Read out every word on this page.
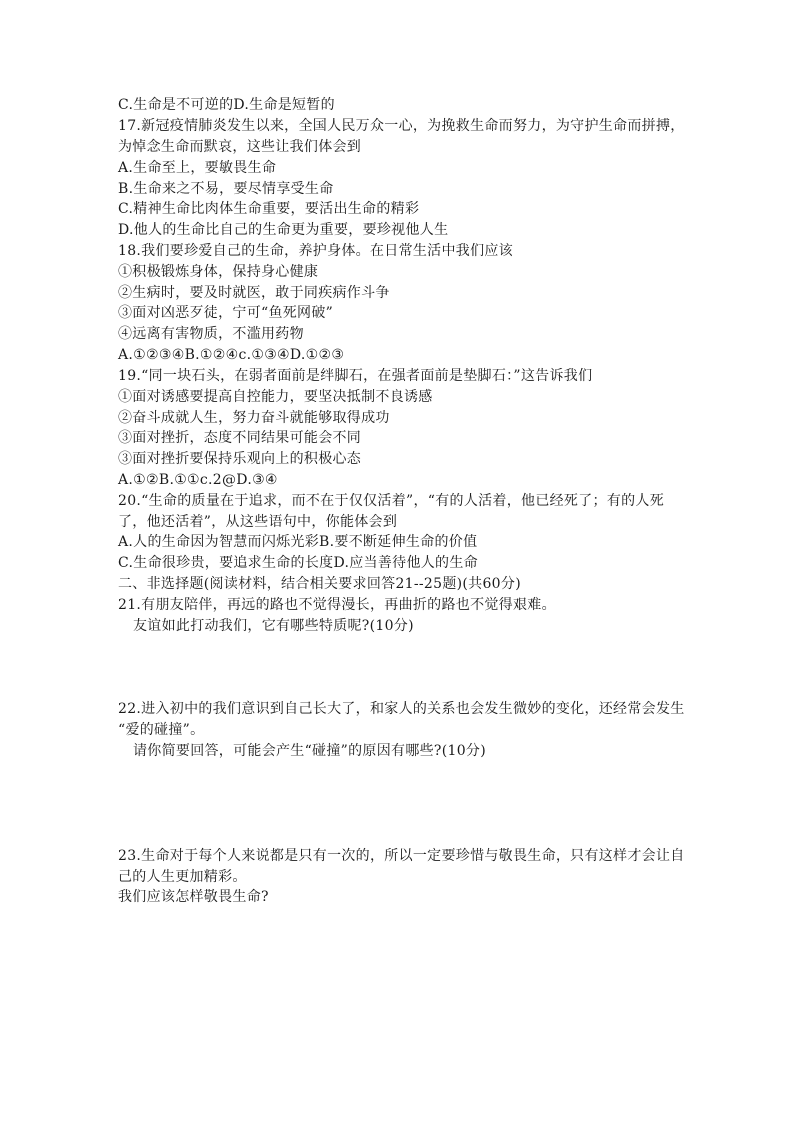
C.生命是不可逆的D.生命是短暂的
17.新冠疫情肺炎发生以来，全国人民万众一心，为挽救生命而努力，为守护生命而拼搏，
为悼念生命而默哀，这些让我们体会到
A.生命至上，要敏畏生命
B.生命来之不易，要尽情享受生命
C.精神生命比肉体生命重要，要活出生命的精彩
D.他人的生命比自己的生命更为重要，要珍视他人生
18.我们要珍爱自己的生命，养护身体。在日常生活中我们应该
①积极锻炼身体，保持身心健康
②生病时，要及时就医，敢于同疾病作斗争
③面对凶恶歹徒，宁可“鱼死网破”
④远离有害物质，不滥用药物
A.①②③④B.①②④c.①③④D.①②③
19.“同一块石头，在弱者面前是绊脚石，在强者面前是垫脚石：”这告诉我们
①面对诱感要提高自控能力，要坚决抵制不良诱感
②奋斗成就人生，努力奋斗就能够取得成功
③面对挫折，态度不同结果可能会不同
③面对挫折要保持乐观向上的积极心态
A.①②B.①①c.2@D.③④
20.“生命的质量在于追求，而不在于仅仅活着”，“有的人活着，他已经死了；有的人死
了，他还活着”，从这些语句中，你能体会到
A.人的生命因为智慧而闪烁光彩B.要不断延伸生命的价值
C.生命很珍贵，要追求生命的长度D.应当善待他人的生命
二、非选择题(阅读材料，结合相关要求回答21--25题)(共60分)
21.有朋友陪伴，再远的路也不觉得漫长，再曲折的路也不觉得艰难。
友谊如此打动我们，它有哪些特质呢?(10分)
22.进入初中的我们意识到自己长大了，和家人的关系也会发生微妙的变化，还经常会发生
“爱的碰撞”。
请你简要回答，可能会产生“碰撞”的原因有哪些?(10分)
23.生命对于每个人来说都是只有一次的，所以一定要珍惜与敬畏生命，只有这样才会让自
己的人生更加精彩。
我们应该怎样敬畏生命?
